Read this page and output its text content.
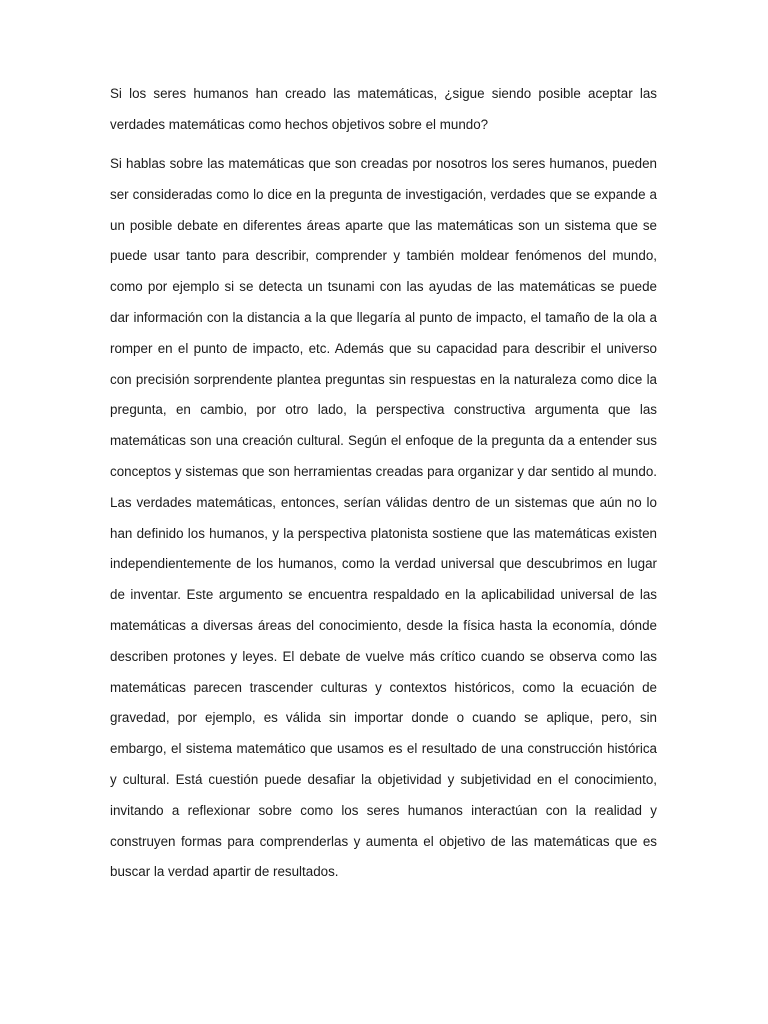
Si los seres humanos han creado las matemáticas, ¿sigue siendo posible aceptar las verdades matemáticas como hechos objetivos sobre el mundo?

Si hablas sobre las matemáticas que son creadas por nosotros los seres humanos, pueden ser consideradas como lo dice en la pregunta de investigación, verdades que se expande a un posible debate en diferentes áreas aparte que las matemáticas son un sistema que se puede usar tanto para describir, comprender y también moldear fenómenos del mundo, como por ejemplo si se detecta un tsunami con las ayudas de las matemáticas se puede dar información con la distancia a la que llegaría al punto de impacto, el tamaño de la ola a romper en el punto de impacto, etc. Además que su capacidad para describir el universo con precisión sorprendente plantea preguntas sin respuestas en la naturaleza como dice la pregunta, en cambio, por otro lado, la perspectiva constructiva argumenta que las matemáticas son una creación cultural. Según el enfoque de la pregunta da a entender sus conceptos y sistemas que son herramientas creadas para organizar y dar sentido al mundo. Las verdades matemáticas, entonces, serían válidas dentro de un sistemas que aún no lo han definido los humanos, y la perspectiva platonista sostiene que las matemáticas existen independientemente de los humanos, como la verdad universal que descubrimos en lugar de inventar. Este argumento se encuentra respaldado en la aplicabilidad universal de las matemáticas a diversas áreas del conocimiento, desde la física hasta la economía, dónde describen protones y leyes. El debate de vuelve más crítico cuando se observa como las matemáticas parecen trascender culturas y contextos históricos, como la ecuación de gravedad, por ejemplo, es válida sin importar donde o cuando se aplique, pero, sin embargo, el sistema matemático que usamos es el resultado de una construcción histórica y cultural. Está cuestión puede desafiar la objetividad y subjetividad en el conocimiento, invitando a reflexionar sobre como los seres humanos interactúan con la realidad y construyen formas para comprenderlas y aumenta el objetivo de las matemáticas que es buscar la verdad apartir de resultados.
